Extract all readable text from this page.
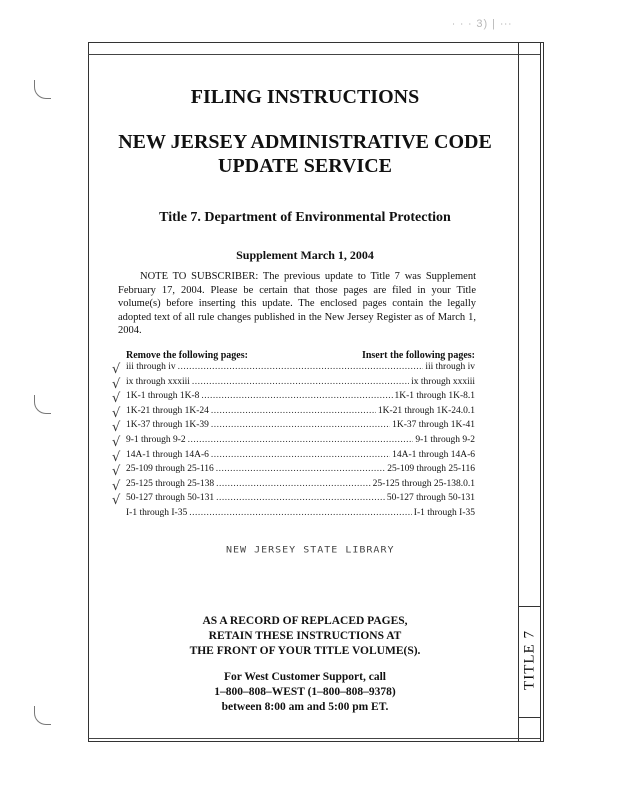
∙ ∙ ∙ 3) | ∙∙∙
TITLE 7
FILING INSTRUCTIONS
NEW JERSEY ADMINISTRATIVE CODE
UPDATE SERVICE
Title 7. Department of Environmental Protection
Supplement March 1, 2004
NOTE TO SUBSCRIBER: The previous update to Title 7 was Supplement February 17, 2004. Please be certain that those pages are filed in your Title volume(s) before inserting this update. The enclosed pages contain the legally adopted text of all rule changes published in the New Jersey Register as of March 1, 2004.
Remove the following pages:	Insert the following pages:
√ iii through iv .....	iii through iv
√ ix through xxxiii .....	ix through xxxiii
√ 1K-1 through 1K-8 .....	1K-1 through 1K-8.1
√ 1K-21 through 1K-24 .....	1K-21 through 1K-24.0.1
√ 1K-37 through 1K-39 .....	1K-37 through 1K-41
√ 9-1 through 9-2 .....	9-1 through 9-2
√ 14A-1 through 14A-6 .....	14A-1 through 14A-6
√ 25-109 through 25-116 .....	25-109 through 25-116
√ 25-125 through 25-138 .....	25-125 through 25-138.0.1
√ 50-127 through 50-131 .....	50-127 through 50-131
I-1 through I-35 .....	I-1 through I-35
NEW JERSEY STATE LIBRARY
AS A RECORD OF REPLACED PAGES,
RETAIN THESE INSTRUCTIONS AT
THE FRONT OF YOUR TITLE VOLUME(S).
For West Customer Support, call
1–800–808–WEST (1–800–808–9378)
between 8:00 am and 5:00 pm ET.
